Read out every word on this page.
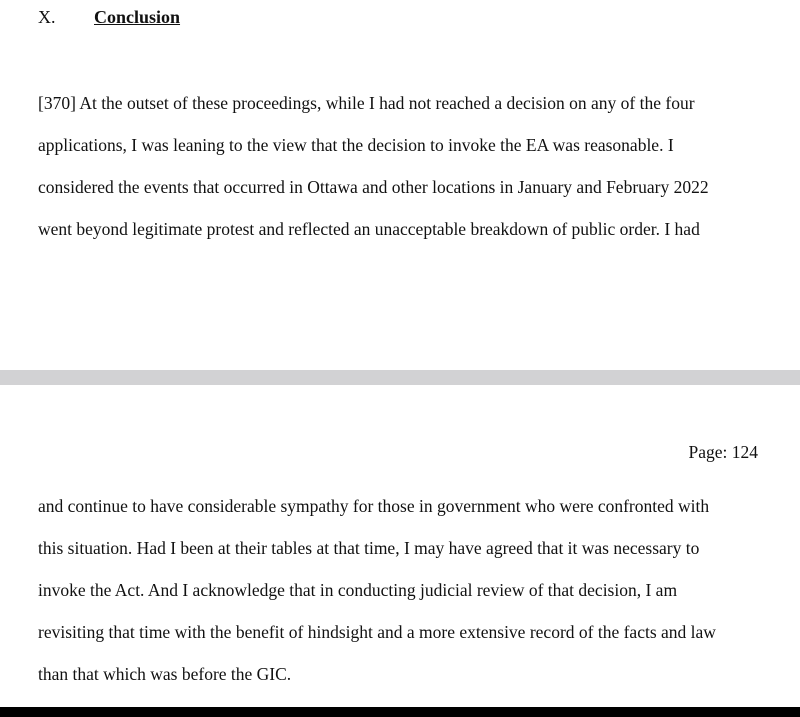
X. Conclusion
[370] At the outset of these proceedings, while I had not reached a decision on any of the four
applications, I was leaning to the view that the decision to invoke the EA was reasonable. I
considered the events that occurred in Ottawa and other locations in January and February 2022
went beyond legitimate protest and reflected an unacceptable breakdown of public order. I had
Page: 124
and continue to have considerable sympathy for those in government who were confronted with
this situation. Had I been at their tables at that time, I may have agreed that it was necessary to
invoke the Act. And I acknowledge that in conducting judicial review of that decision, I am
revisiting that time with the benefit of hindsight and a more extensive record of the facts and law
than that which was before the GIC.
